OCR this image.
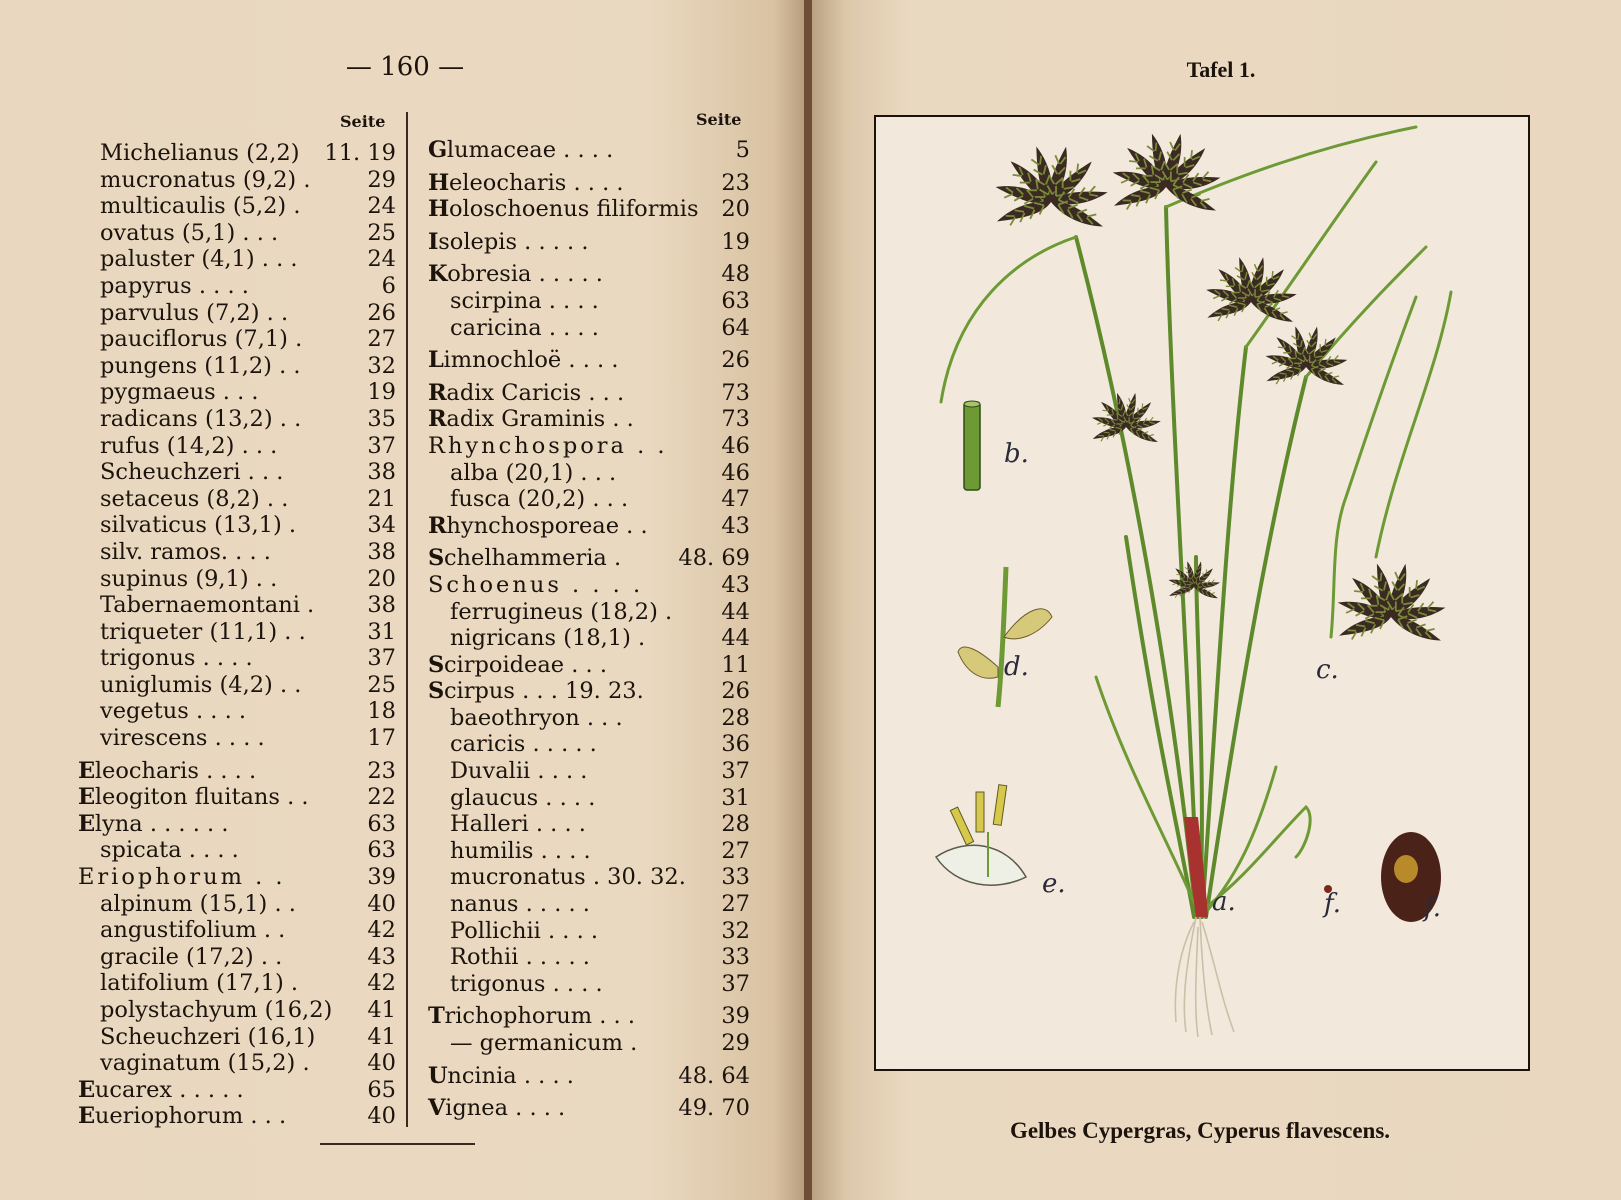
— 160 —
Seite	Seite
Michelianus (2,2) 11. 19
mucronatus (9,2) .	29
multicaulis (5,2) .	24
ovatus (5,1) . . .	25
paluster (4,1) . . .	24
papyrus . . . .	6
parvulus (7,2) . .	26
pauciflorus (7,1) .	27
pungens (11,2) . .	32
pygmaeus . . .	19
radicans (13,2) . .	35
rufus (14,2) . . .	37
Scheuchzeri . . .	38
setaceus (8,2) . .	21
silvaticus (13,1) .	34
silv. ramos. . . .	38
supinus (9,1) . .	20
Tabernaemontani . 38
triqueter (11,1) . .	31
trigonus . . . .	37
uniglumis (4,2) . .	25
vegetus . . . .	18
virescens . . . .	17
Eleocharis . . . .	23
Eleogiton fluitans . .	22
Elyna . . . . . .	63
spicata . . . .	63
Eriophorum . .	39
alpinum (15,1) . .	40
angustifolium . .	42
gracile (17,2) . .	43
latifolium (17,1) .	42
polystachyum (16,2) 41
Scheuchzeri (16,1) 41
vaginatum (15,2) .	40
Eucarex . . . . .	65
Eueriophorum . . .	40
Glumaceae . . . .	5
Heleocharis . . . .	23
Holoschoenus filiformis 20
Isolepis . . . . .	19
Kobresia . . . . .	48
scirpina . . . .	63
caricina . . . .	64
Limnochloë . . . .	26
Radix Caricis . . .	73
Radix Graminis . .	73
Rhynchospora . . 46
alba (20,1) . . .	46
fusca (20,2) . . .	47
Rhynchosporeae . .	43
Schelhammeria .	48. 69
Schoenus . . . .	43
ferrugineus (18,2) . 44
nigricans (18,1) .	44
Scirpoideae . . .	11
Scirpus . . . 19. 23.	26
baeothryon . . .	28
caricis . . . . .	36
Duvalii . . . .	37
glaucus . . . .	31
Halleri . . . .	28
humilis . . . .	27
mucronatus . 30. 32. 33
nanus . . . . .	27
Pollichii . . . .	32
Rothii . . . . .	33
trigonus . . . .	37
Trichophorum . . .	39
— germanicum .	29
Uncinia . . . .	48. 64
Vignea . . . .	49. 70
Tafel 1.
b.
c.
d.
e.
a.	f.	f.
Gelbes Cypergras, Cyperus flavescens.
